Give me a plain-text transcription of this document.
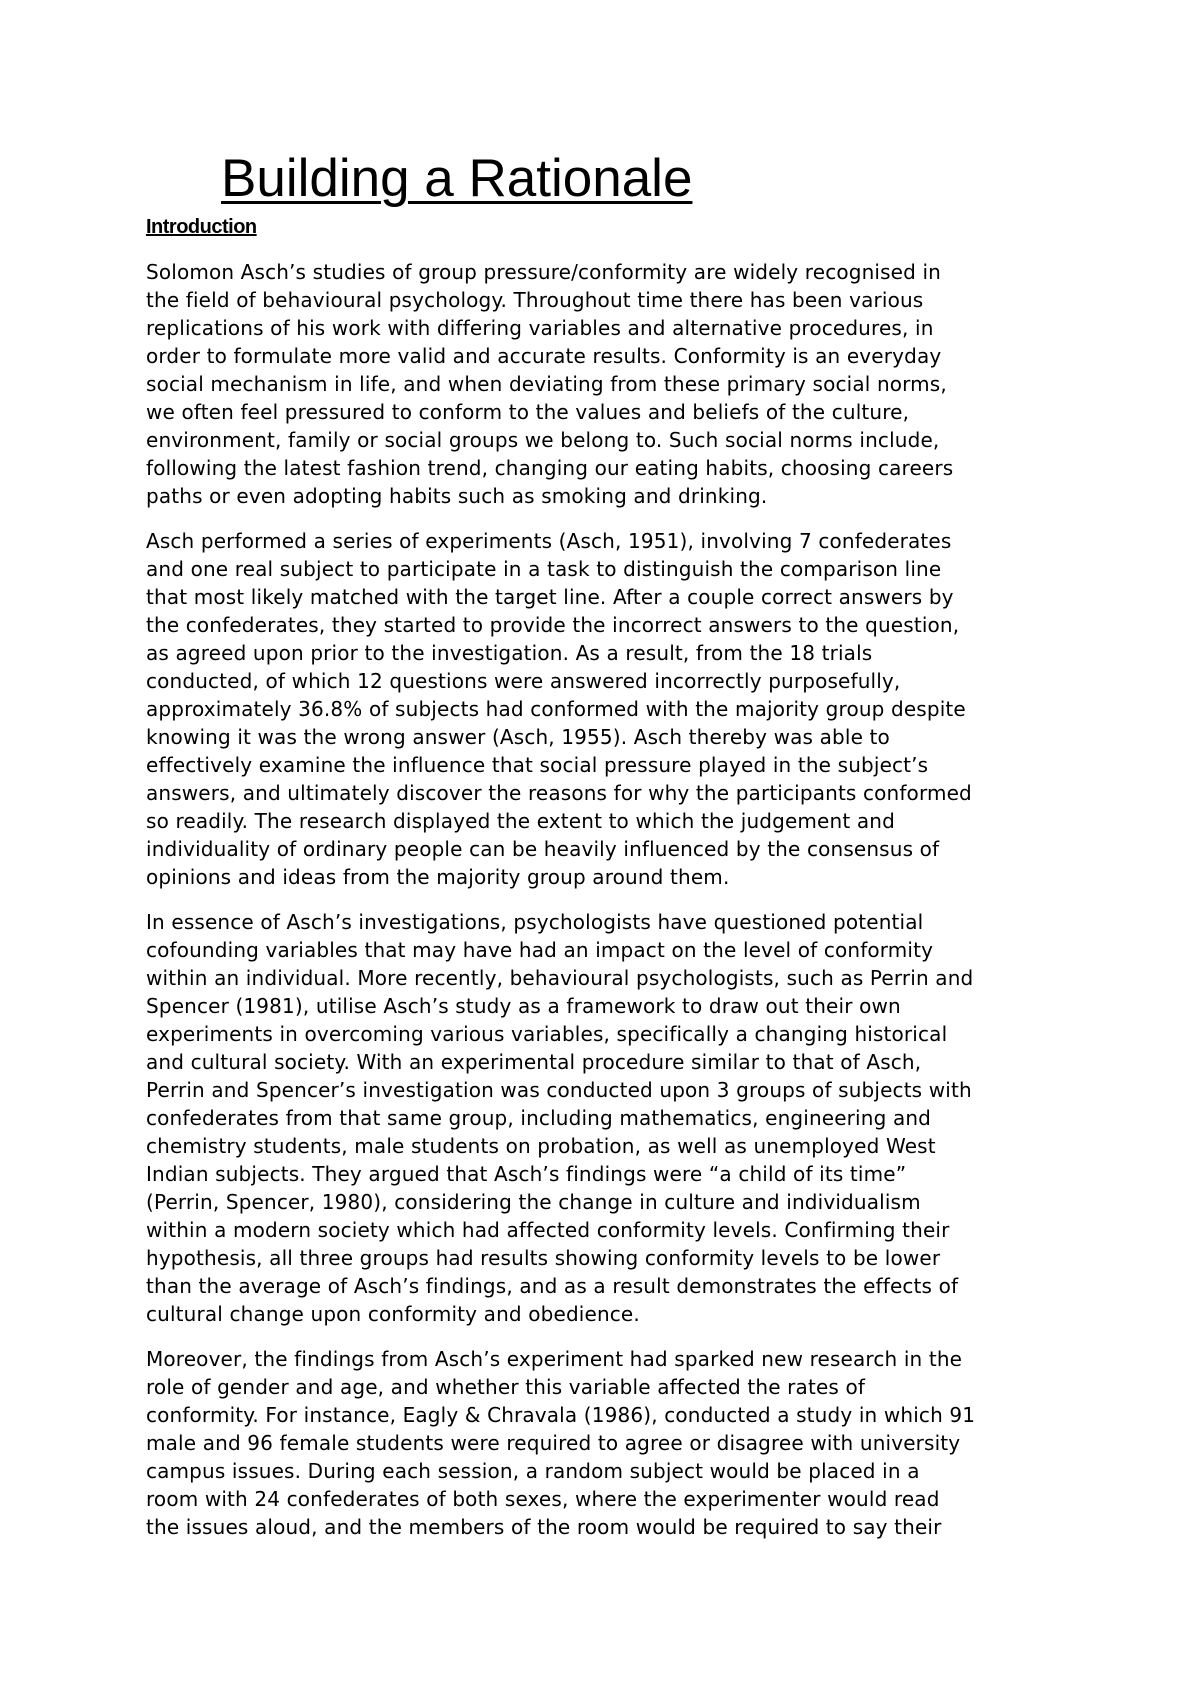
Building a Rationale
Introduction

Solomon Asch’s studies of group pressure/conformity are widely recognised in
the field of behavioural psychology. Throughout time there has been various
replications of his work with differing variables and alternative procedures, in
order to formulate more valid and accurate results. Conformity is an everyday
social mechanism in life, and when deviating from these primary social norms,
we often feel pressured to conform to the values and beliefs of the culture,
environment, family or social groups we belong to. Such social norms include,
following the latest fashion trend, changing our eating habits, choosing careers
paths or even adopting habits such as smoking and drinking.

Asch performed a series of experiments (Asch, 1951), involving 7 confederates
and one real subject to participate in a task to distinguish the comparison line
that most likely matched with the target line. After a couple correct answers by
the confederates, they started to provide the incorrect answers to the question,
as agreed upon prior to the investigation. As a result, from the 18 trials
conducted, of which 12 questions were answered incorrectly purposefully,
approximately 36.8% of subjects had conformed with the majority group despite
knowing it was the wrong answer (Asch, 1955). Asch thereby was able to
effectively examine the influence that social pressure played in the subject’s
answers, and ultimately discover the reasons for why the participants conformed
so readily. The research displayed the extent to which the judgement and
individuality of ordinary people can be heavily influenced by the consensus of
opinions and ideas from the majority group around them.

In essence of Asch’s investigations, psychologists have questioned potential
cofounding variables that may have had an impact on the level of conformity
within an individual. More recently, behavioural psychologists, such as Perrin and
Spencer (1981), utilise Asch’s study as a framework to draw out their own
experiments in overcoming various variables, specifically a changing historical
and cultural society. With an experimental procedure similar to that of Asch,
Perrin and Spencer’s investigation was conducted upon 3 groups of subjects with
confederates from that same group, including mathematics, engineering and
chemistry students, male students on probation, as well as unemployed West
Indian subjects. They argued that Asch’s findings were “a child of its time”
(Perrin, Spencer, 1980), considering the change in culture and individualism
within a modern society which had affected conformity levels. Confirming their
hypothesis, all three groups had results showing conformity levels to be lower
than the average of Asch’s findings, and as a result demonstrates the effects of
cultural change upon conformity and obedience.

Moreover, the findings from Asch’s experiment had sparked new research in the
role of gender and age, and whether this variable affected the rates of
conformity. For instance, Eagly & Chravala (1986), conducted a study in which 91
male and 96 female students were required to agree or disagree with university
campus issues. During each session, a random subject would be placed in a
room with 24 confederates of both sexes, where the experimenter would read
the issues aloud, and the members of the room would be required to say their
